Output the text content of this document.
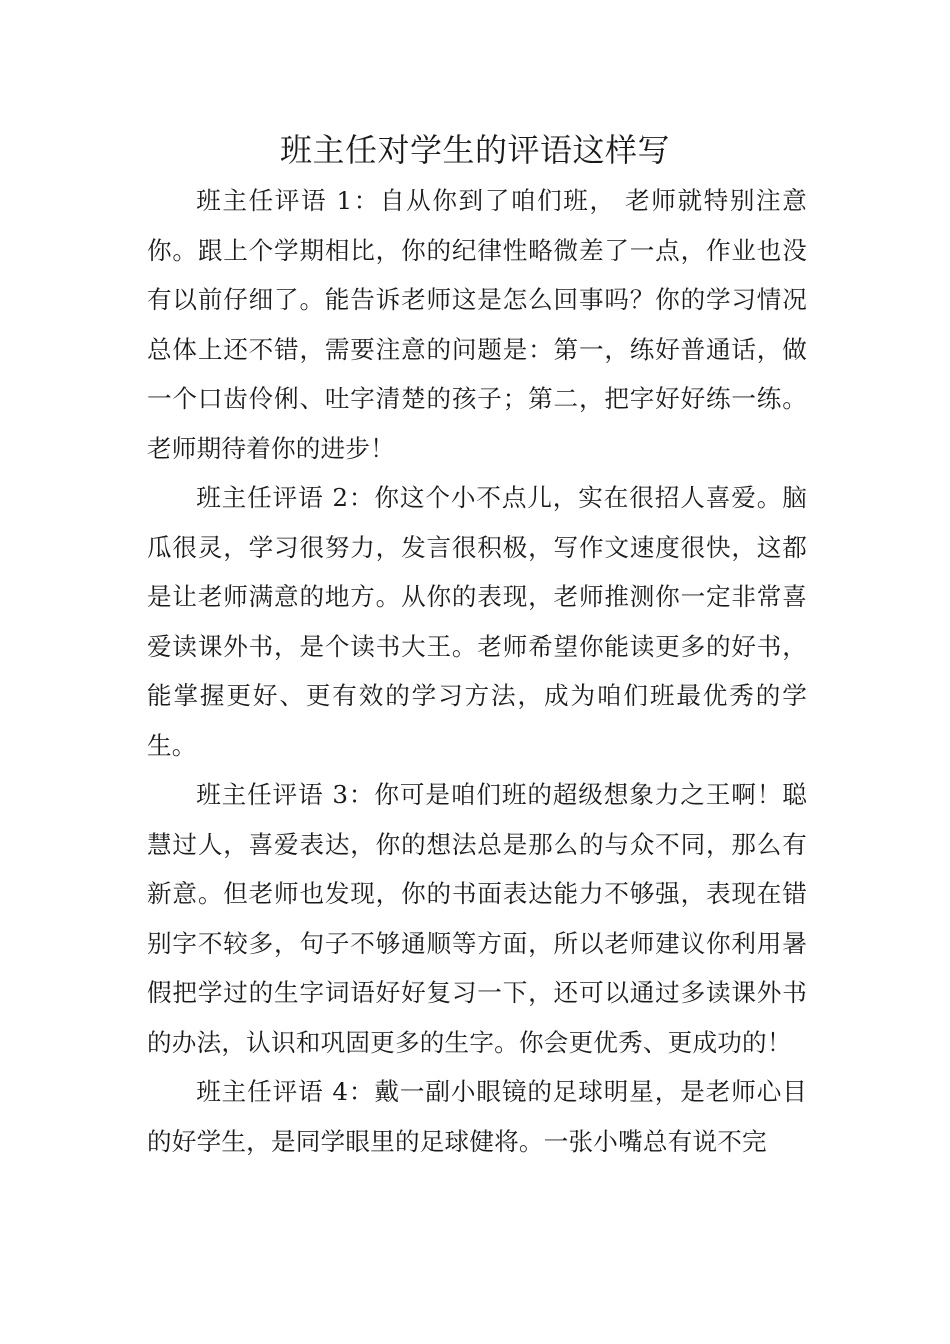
班主任对学生的评语这样写

班主任评语 1：自从你到了咱们班， 老师就特别注意你。跟上个学期相比，你的纪律性略微差了一点，作业也没有以前仔细了。能告诉老师这是怎么回事吗？你的学习情况总体上还不错，需要注意的问题是：第一，练好普通话，做一个口齿伶俐、吐字清楚的孩子；第二，把字好好练一练。老师期待着你的进步！

班主任评语 2：你这个小不点儿，实在很招人喜爱。脑瓜很灵，学习很努力，发言很积极，写作文速度很快，这都是让老师满意的地方。从你的表现，老师推测你一定非常喜爱读课外书，是个读书大王。老师希望你能读更多的好书，能掌握更好、更有效的学习方法，成为咱们班最优秀的学生。

班主任评语 3：你可是咱们班的超级想象力之王啊！聪慧过人，喜爱表达，你的想法总是那么的与众不同，那么有新意。但老师也发现，你的书面表达能力不够强，表现在错别字不较多，句子不够通顺等方面，所以老师建议你利用暑假把学过的生字词语好好复习一下，还可以通过多读课外书的办法，认识和巩固更多的生字。你会更优秀、更成功的！

班主任评语 4：戴一副小眼镜的足球明星，是老师心目的好学生，是同学眼里的足球健将。一张小嘴总有说不完
